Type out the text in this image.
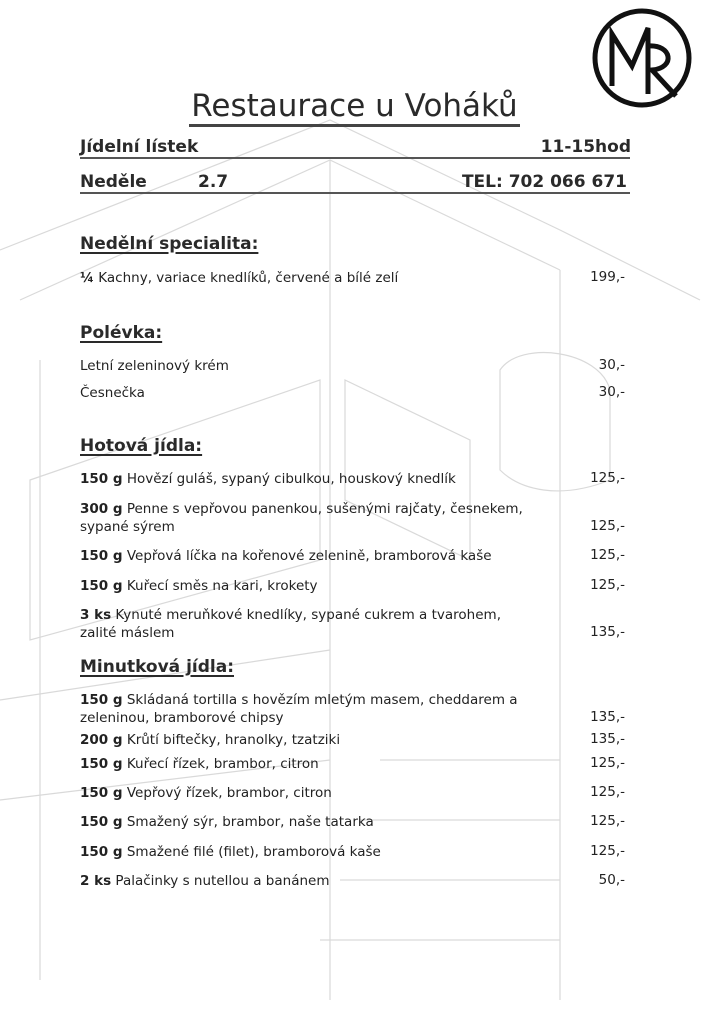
Restaurace u Voháků
Jídelní lístek	11-15hod
Neděle	2.7	TEL: 702 066 671
Nedělní specialita:
¼ Kachny, variace knedlíků, červené a bílé zelí	199,-
Polévka:
Letní zeleninový krém	30,-
Česnečka	30,-
Hotová jídla:
150 g Hovězí guláš, sypaný cibulkou, houskový knedlík	125,-
300 g Penne s vepřovou panenkou, sušenými rajčaty, česnekem,
sypané sýrem	125,-
150 g Vepřová líčka na kořenové zelenině, bramborová kaše	125,-
150 g Kuřecí směs na kari, krokety	125,-
3 ks Kynuté meruňkové knedlíky, sypané cukrem a tvarohem,
zalité máslem	135,-
Minutková jídla:
150 g Skládaná tortilla s hovězím mletým masem, cheddarem a
zeleninou, bramborové chipsy	135,-
200 g Krůtí biftečky, hranolky, tzatziki	135,-
150 g Kuřecí řízek, brambor, citron	125,-
150 g Vepřový řízek, brambor, citron	125,-
150 g Smažený sýr, brambor, naše tatarka	125,-
150 g Smažené filé (filet), bramborová kaše	125,-
2 ks Palačinky s nutellou a banánem	50,-
